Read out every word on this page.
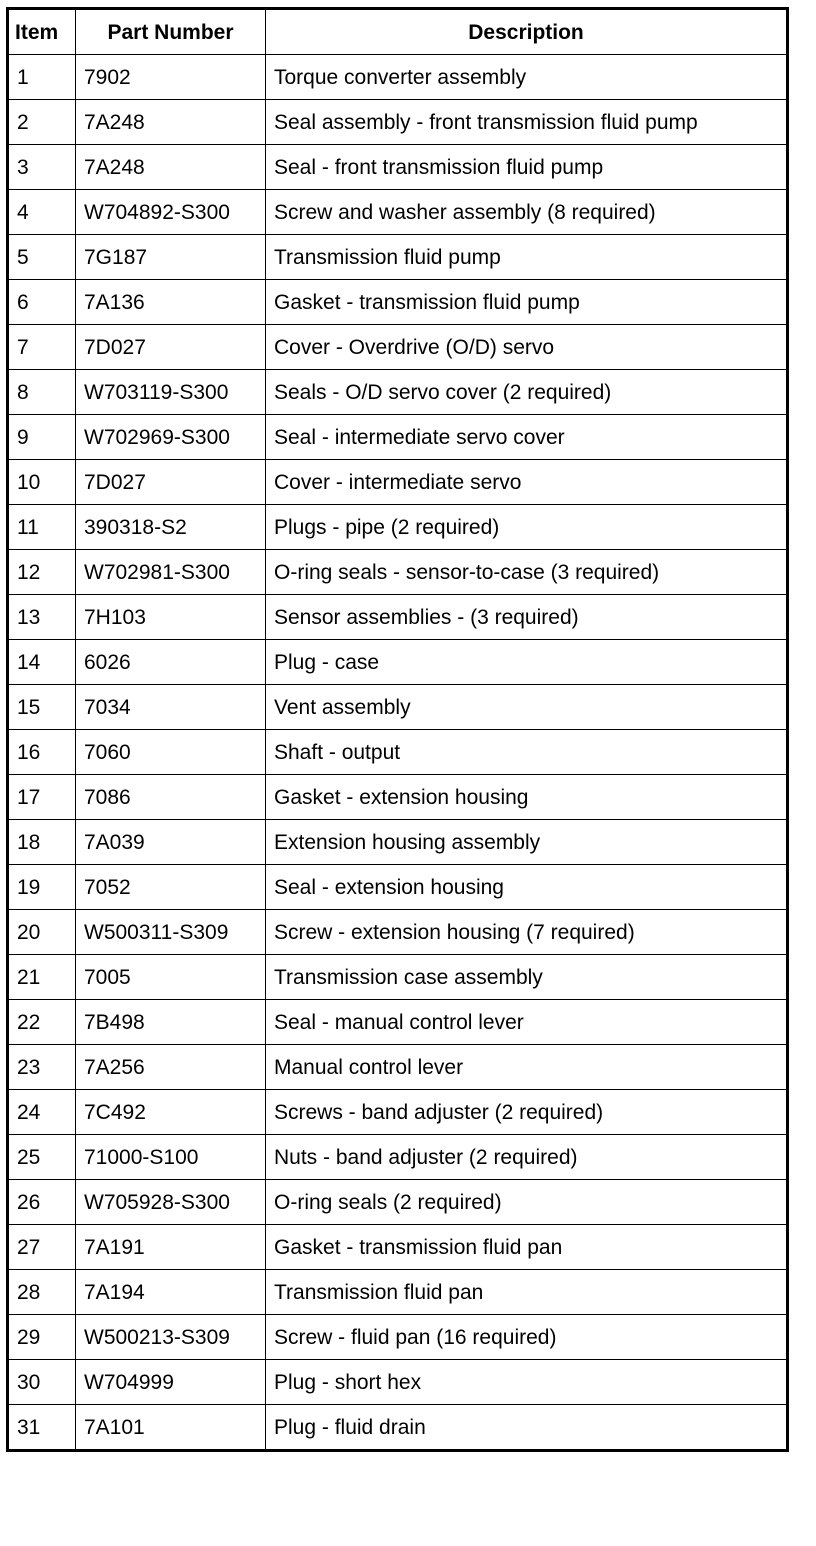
Item	Part Number	Description
1	7902	Torque converter assembly
2	7A248	Seal assembly - front transmission fluid pump
3	7A248	Seal - front transmission fluid pump
4	W704892-S300	Screw and washer assembly (8 required)
5	7G187	Transmission fluid pump
6	7A136	Gasket - transmission fluid pump
7	7D027	Cover - Overdrive (O/D) servo
8	W703119-S300	Seals - O/D servo cover (2 required)
9	W702969-S300	Seal - intermediate servo cover
10	7D027	Cover - intermediate servo
11	390318-S2	Plugs - pipe (2 required)
12	W702981-S300	O-ring seals - sensor-to-case (3 required)
13	7H103	Sensor assemblies - (3 required)
14	6026	Plug - case
15	7034	Vent assembly
16	7060	Shaft - output
17	7086	Gasket - extension housing
18	7A039	Extension housing assembly
19	7052	Seal - extension housing
20	W500311-S309	Screw - extension housing (7 required)
21	7005	Transmission case assembly
22	7B498	Seal - manual control lever
23	7A256	Manual control lever
24	7C492	Screws - band adjuster (2 required)
25	71000-S100	Nuts - band adjuster (2 required)
26	W705928-S300	O-ring seals (2 required)
27	7A191	Gasket - transmission fluid pan
28	7A194	Transmission fluid pan
29	W500213-S309	Screw - fluid pan (16 required)
30	W704999	Plug - short hex
31	7A101	Plug - fluid drain
